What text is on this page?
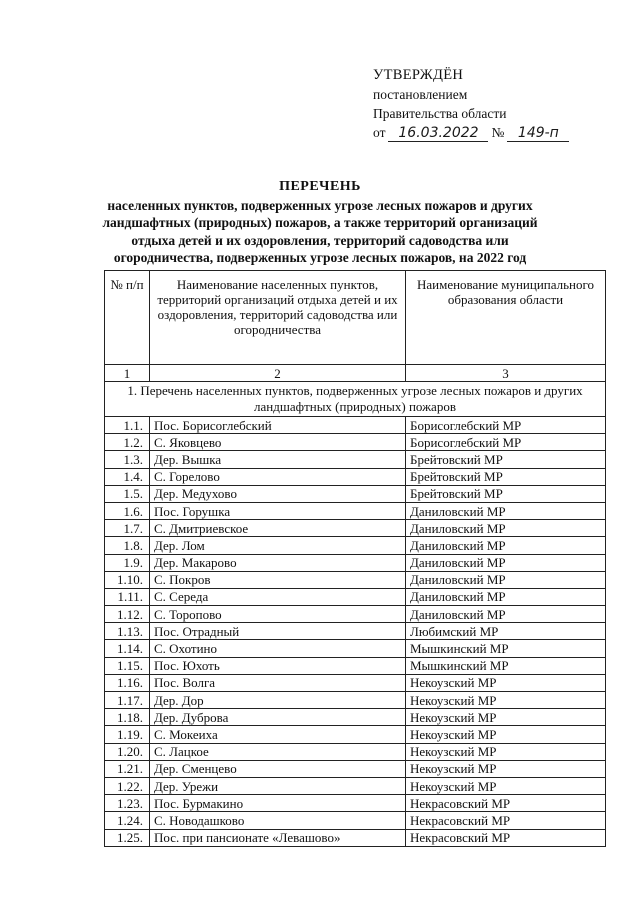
УТВЕРЖДЁН
постановлением
Правительства области
от 16.03.2022 № 149-п
ПЕРЕЧЕНЬ
населенных пунктов, подверженных угрозе лесных пожаров и других ландшафтных (природных) пожаров, а также территорий организаций отдыха детей и их оздоровления, территорий садоводства или огородничества, подверженных угрозе лесных пожаров, на 2022 год
№ п/п	Наименование населенных пунктов, территорий организаций отдыха детей и их оздоровления, территорий садоводства или огородничества	Наименование муниципального образования области
1	2	3
1. Перечень населенных пунктов, подверженных угрозе лесных пожаров и других ландшафтных (природных) пожаров		
1.1.	Пос. Борисоглебский	Борисоглебский МР
1.2.	С. Яковцево	Борисоглебский МР
1.3.	Дер. Вышка	Брейтовский МР
1.4.	С. Горелово	Брейтовский МР
1.5.	Дер. Медухово	Брейтовский МР
1.6.	Пос. Горушка	Даниловский МР
1.7.	С. Дмитриевское	Даниловский МР
1.8.	Дер. Лом	Даниловский МР
1.9.	Дер. Макарово	Даниловский МР
1.10.	С. Покров	Даниловский МР
1.11.	С. Середа	Даниловский МР
1.12.	С. Торопово	Даниловский МР
1.13.	Пос. Отрадный	Любимский МР
1.14.	С. Охотино	Мышкинский МР
1.15.	Пос. Юхоть	Мышкинский МР
1.16.	Пос. Волга	Некоузский МР
1.17.	Дер. Дор	Некоузский МР
1.18.	Дер. Дуброва	Некоузский МР
1.19.	С. Мокеиха	Некоузский МР
1.20.	С. Лацкое	Некоузский МР
1.21.	Дер. Сменцево	Некоузский МР
1.22.	Дер. Урежи	Некоузский МР
1.23.	Пос. Бурмакино	Некрасовский МР
1.24.	С. Новодашково	Некрасовский МР
1.25.	Пос. при пансионате «Левашово»	Некрасовский МР
